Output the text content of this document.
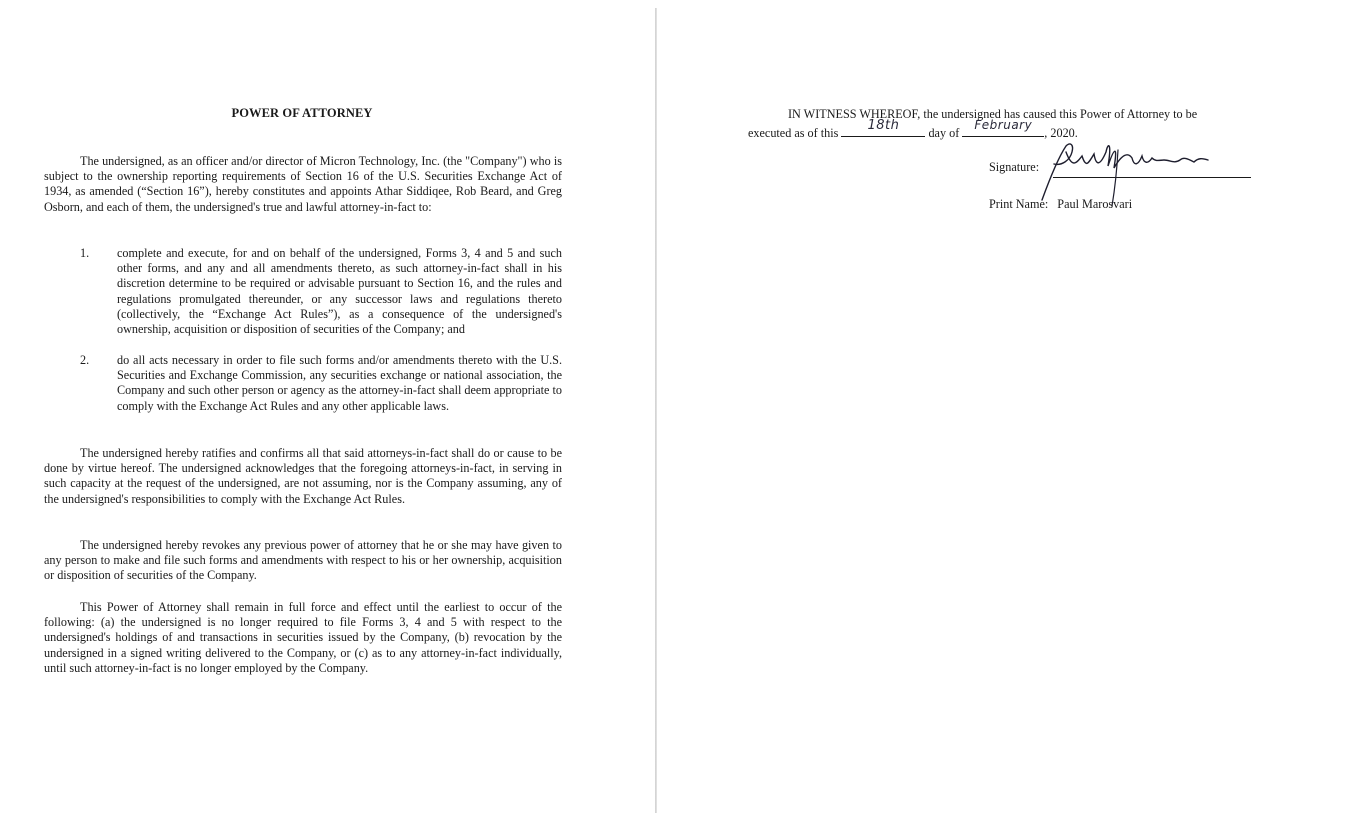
POWER OF ATTORNEY

The undersigned, as an officer and/or director of Micron Technology, Inc. (the "Company") who is subject to the ownership reporting requirements of Section 16 of the U.S. Securities Exchange Act of 1934, as amended (“Section 16”), hereby constitutes and appoints Athar Siddiqee, Rob Beard, and Greg Osborn, and each of them, the undersigned's true and lawful attorney-in-fact to:

1. complete and execute, for and on behalf of the undersigned, Forms 3, 4 and 5 and such other forms, and any and all amendments thereto, as such attorney-in-fact shall in his discretion determine to be required or advisable pursuant to Section 16, and the rules and regulations promulgated thereunder, or any successor laws and regulations thereto (collectively, the “Exchange Act Rules”), as a consequence of the undersigned's ownership, acquisition or disposition of securities of the Company; and

2. do all acts necessary in order to file such forms and/or amendments thereto with the U.S. Securities and Exchange Commission, any securities exchange or national association, the Company and such other person or agency as the attorney-in-fact shall deem appropriate to comply with the Exchange Act Rules and any other applicable laws.

The undersigned hereby ratifies and confirms all that said attorneys-in-fact shall do or cause to be done by virtue hereof. The undersigned acknowledges that the foregoing attorneys-in-fact, in serving in such capacity at the request of the undersigned, are not assuming, nor is the Company assuming, any of the undersigned's responsibilities to comply with the Exchange Act Rules.

The undersigned hereby revokes any previous power of attorney that he or she may have given to any person to make and file such forms and amendments with respect to his or her ownership, acquisition or disposition of securities of the Company.

This Power of Attorney shall remain in full force and effect until the earliest to occur of the following: (a) the undersigned is no longer required to file Forms 3, 4 and 5 with respect to the undersigned's holdings of and transactions in securities issued by the Company, (b) revocation by the undersigned in a signed writing delivered to the Company, or (c) as to any attorney-in-fact individually, until such attorney-in-fact is no longer employed by the Company.

IN WITNESS WHEREOF, the undersigned has caused this Power of Attorney to be
executed as of this	18th	day of
February
, 2020.
Signature:
Print Name: Paul Marosvari
